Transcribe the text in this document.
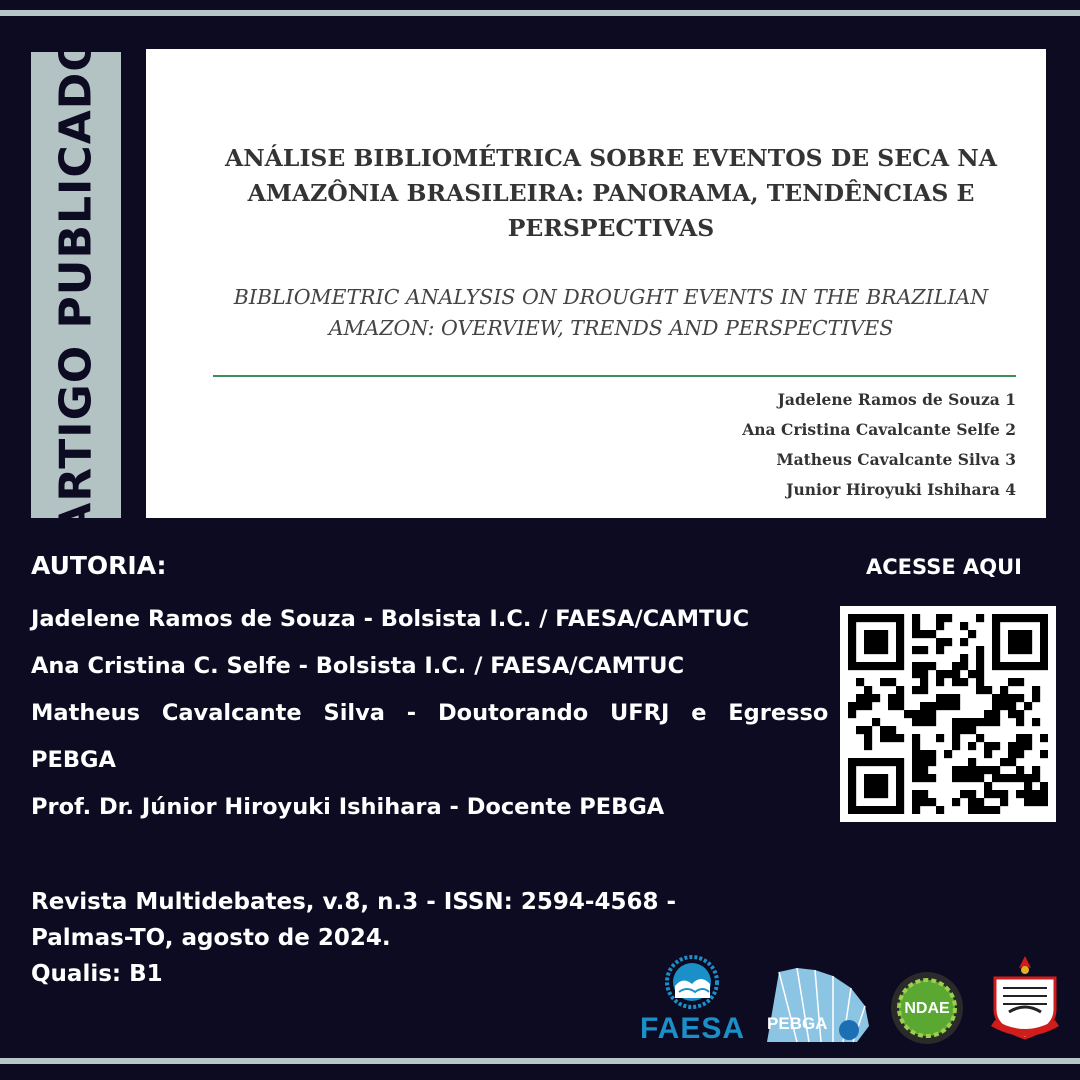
ARTIGO PUBLICADO	ANÁLISE BIBLIOMÉTRICA SOBRE EVENTOS DE SECA NA
AMAZÔNIA BRASILEIRA: PANORAMA, TENDÊNCIAS E
PERSPECTIVAS
BIBLIOMETRIC ANALYSIS ON DROUGHT EVENTS IN THE BRAZILIAN
AMAZON: OVERVIEW, TRENDS AND PERSPECTIVES
Jadelene Ramos de Souza 1
Ana Cristina Cavalcante Selfe 2
Matheus Cavalcante Silva 3
Junior Hiroyuki Ishihara 4
AUTORIA:
Jadelene Ramos de Souza - Bolsista I.C. / FAESA/CAMTUC
Ana Cristina C. Selfe - Bolsista I.C. / FAESA/CAMTUC
Matheus Cavalcante Silva - Doutorando UFRJ e Egresso
PEBGA
Prof. Dr. Júnior Hiroyuki Ishihara - Docente PEBGA
ACESSE AQUI
Revista Multidebates, v.8, n.3 - ISSN: 2594-4568 -
Palmas-TO, agosto de 2024.
Qualis: B1
FAESA PEBGA
NDAE
